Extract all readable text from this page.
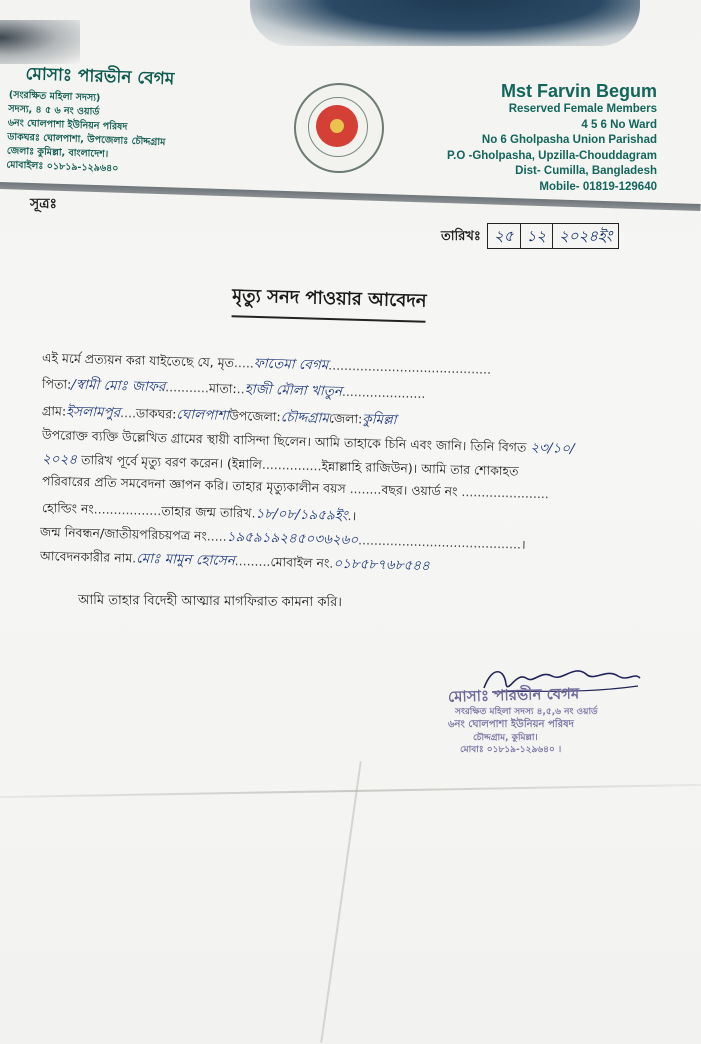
মোসাঃ পারভীন বেগম
(সংরক্ষিত মহিলা সদস্য)
সদস্য, ৪ ৫ ৬ নং ওয়ার্ড
৬নং ঘোলপাশা ইউনিয়ন পরিষদ
ডাকঘরঃ ঘোলপাশা, উপজেলাঃ চৌদ্দগ্রাম
জেলাঃ কুমিল্লা, বাংলাদেশ।
মোবাইলঃ ০১৮১৯-১২৯৬৪০
Mst Farvin Begum
Reserved Female Members
4 5 6 No Ward
No 6 Gholpasha Union Parishad
P.O -Gholpasha, Upzilla-Chouddagram
Dist- Cumilla, Bangladesh
Mobile- 01819-129640
সূত্রঃ
তারিখঃ ২৫ ১২ ২০২৪ইং
মৃত্যু সনদ পাওয়ার আবেদন
এই মর্মে প্রত্যয়ন করা যাইতেছে যে, মৃত.....ফাতেমা বেগম.........................................
পিতা:/স্বামী মোঃ জাফর...........মাতা:..হাজী মৌলা খাতুন.....................
গ্রাম:ইসলামপুর....ডাকঘর:ঘোলপাশাউপজেলা:চৌদ্দগ্রামজেলা:কুমিল্লা
উপরোক্ত ব্যক্তি উল্লেখিত গ্রামের স্থায়ী বাসিন্দা ছিলেন। আমি তাহাকে চিনি এবং জানি। তিনি বিগত ২৩/১০/
২০২৪ তারিখ পূর্বে মৃত্যু বরণ করেন। (ইন্নালি...............ইন্নাল্লাহি রাজিউন)। আমি তার শোকাহত
পরিবারের প্রতি সমবেদনা জ্ঞাপন করি। তাহার মৃত্যুকালীন বয়স ........বছর। ওয়ার্ড নং ......................
হোল্ডিং নং.................তাহার জন্ম তারিখ.১৮/০৮/১৯৫৯ইং.।
জন্ম নিবন্ধন/জাতীয়পরিচয়পত্র নং.....১৯৫৯১৯২৪৫০৩৬২৬০.........................................।
আবেদনকারীর নাম.মোঃ মামুন হোসেন.........মোবাইল নং.০১৮৫৮৭৬৮৫৪৪
আমি তাহার বিদেহী আত্মার মাগফিরাত কামনা করি।
মোসাঃ পারভীন বেগম
সংরক্ষিত মহিলা সদস্য ৪,৫,৬ নং ওয়ার্ড
৬নং ঘোলপাশা ইউনিয়ন পরিষদ
চৌদ্দগ্রাম, কুমিল্লা।
মোবাঃ ০১৮১৯-১২৯৬৪০ ।
